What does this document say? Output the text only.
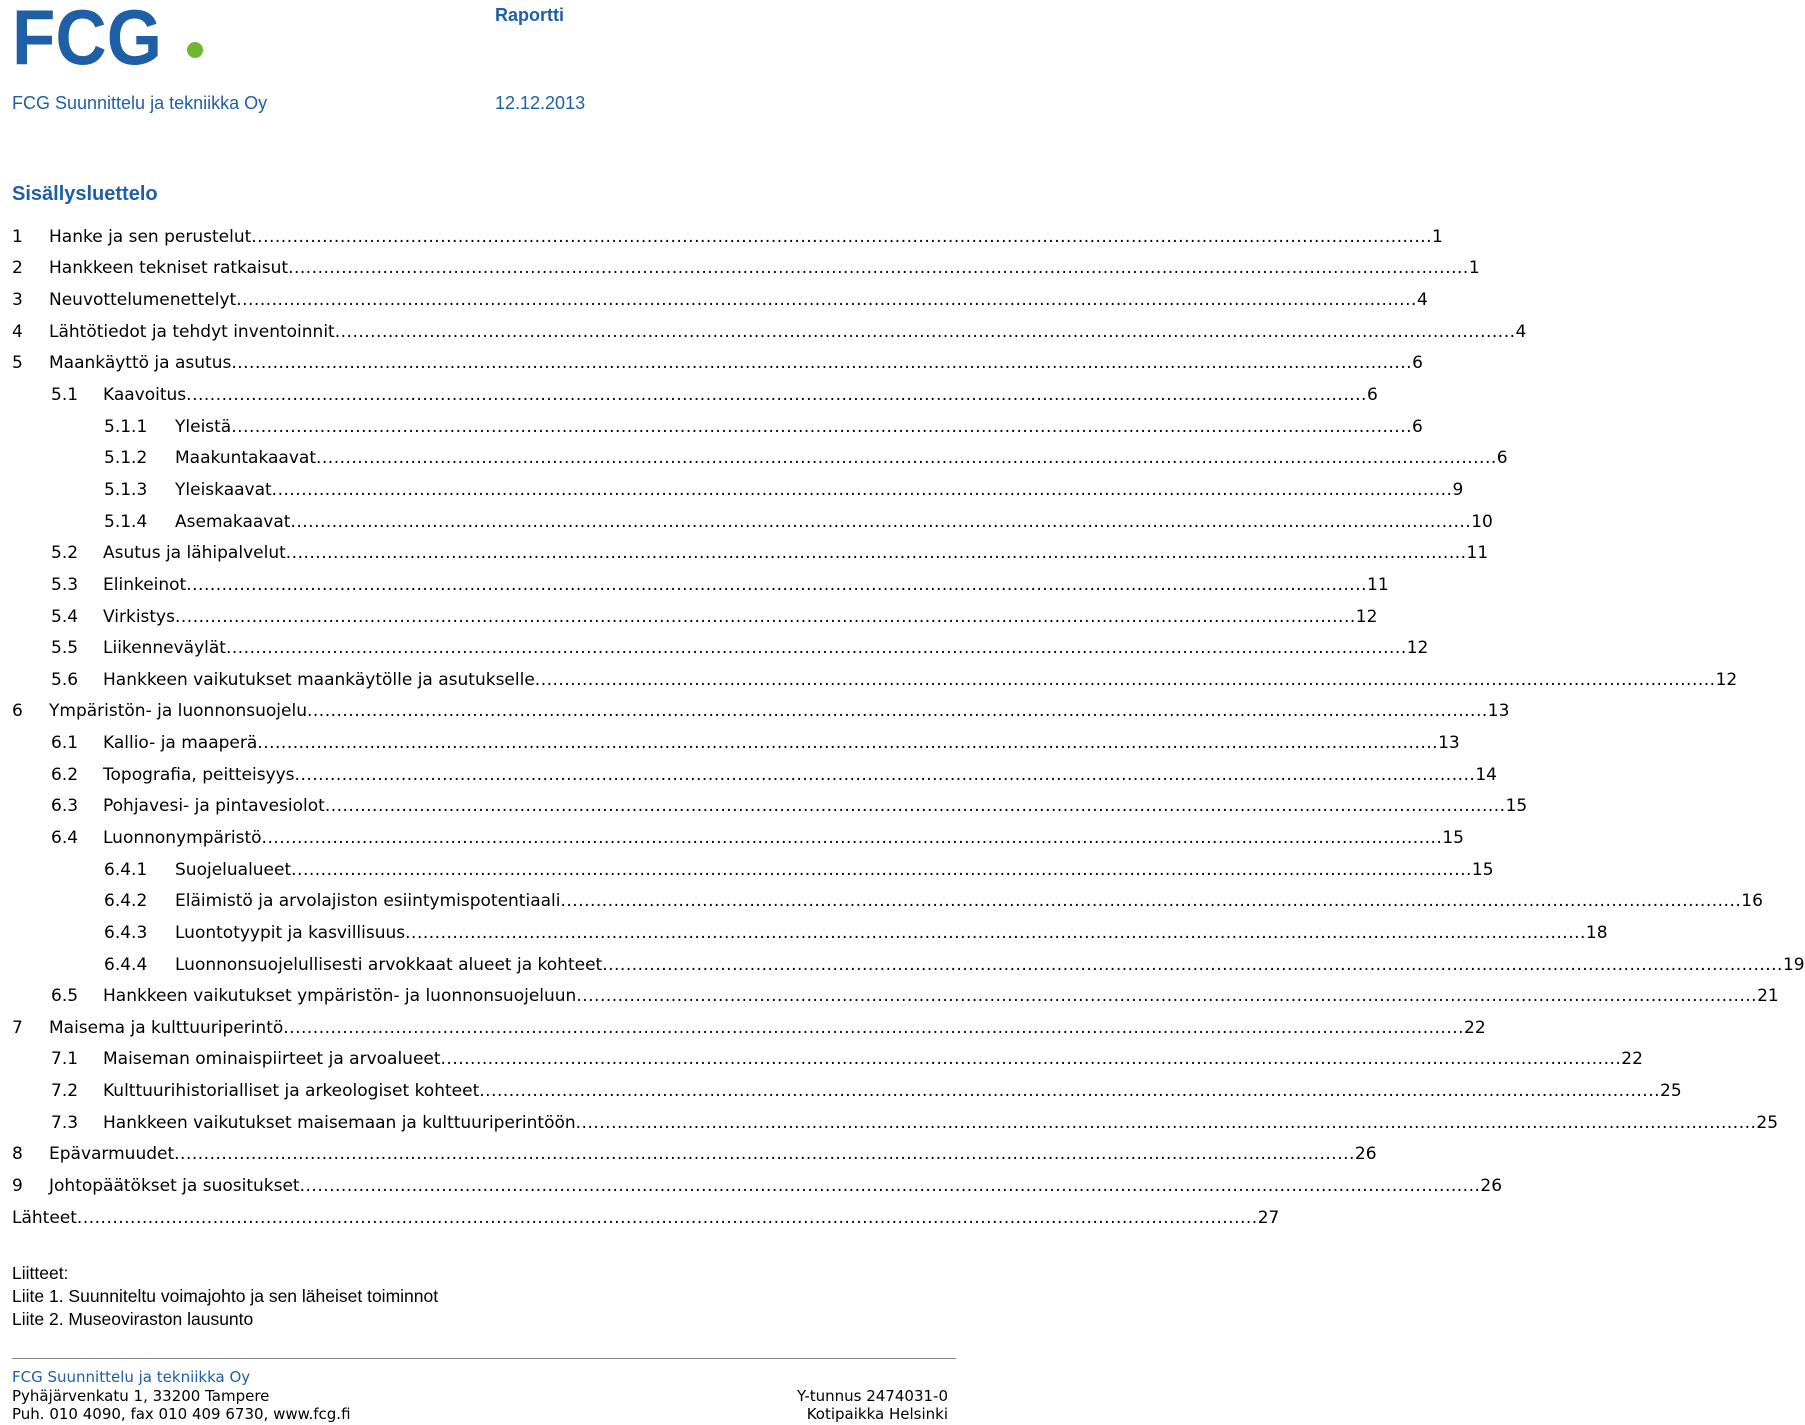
FCG	Raportti
FCG Suunnittelu ja tekniikka Oy	12.12.2013
Sisällysluettelo
1	Hanke ja sen perustelut ........................................................................................................................................................................................................ 1
2	Hankkeen tekniset ratkaisut ........................................................................................................................................................................................................ 1
3	Neuvottelumenettelyt ........................................................................................................................................................................................................ 4
4	Lähtötiedot ja tehdyt inventoinnit ........................................................................................................................................................................................................ 4
5	Maankäyttö ja asutus ........................................................................................................................................................................................................ 6
5.1	Kaavoitus ........................................................................................................................................................................................................ 6
5.1.1	Yleistä ........................................................................................................................................................................................................ 6
5.1.2	Maakuntakaavat ........................................................................................................................................................................................................ 6
5.1.3	Yleiskaavat ........................................................................................................................................................................................................ 9
5.1.4	Asemakaavat ........................................................................................................................................................................................................ 10
5.2	Asutus ja lähipalvelut ........................................................................................................................................................................................................ 11
5.3	Elinkeinot ........................................................................................................................................................................................................ 11
5.4	Virkistys ........................................................................................................................................................................................................ 12
5.5	Liikenneväylät ........................................................................................................................................................................................................ 12
5.6	Hankkeen vaikutukset maankäytölle ja asutukselle ........................................................................................................................................................................................................ 12
6	Ympäristön- ja luonnonsuojelu ........................................................................................................................................................................................................ 13
6.1	Kallio- ja maaperä ........................................................................................................................................................................................................ 13
6.2	Topografia, peitteisyys ........................................................................................................................................................................................................ 14
6.3	Pohjavesi- ja pintavesiolot ........................................................................................................................................................................................................ 15
6.4	Luonnonympäristö ........................................................................................................................................................................................................ 15
6.4.1	Suojelualueet ........................................................................................................................................................................................................ 15
6.4.2	Eläimistö ja arvolajiston esiintymispotentiaali ........................................................................................................................................................................................................ 16
6.4.3	Luontotyypit ja kasvillisuus ........................................................................................................................................................................................................ 18
6.4.4	Luonnonsuojelullisesti arvokkaat alueet ja kohteet ........................................................................................................................................................................................................ 19
6.5	Hankkeen vaikutukset ympäristön- ja luonnonsuojeluun ........................................................................................................................................................................................................ 21
7	Maisema ja kulttuuriperintö ........................................................................................................................................................................................................ 22
7.1	Maiseman ominaispiirteet ja arvoalueet ........................................................................................................................................................................................................ 22
7.2	Kulttuurihistorialliset ja arkeologiset kohteet ........................................................................................................................................................................................................ 25
7.3	Hankkeen vaikutukset maisemaan ja kulttuuriperintöön ........................................................................................................................................................................................................ 25
8	Epävarmuudet ........................................................................................................................................................................................................ 26
9	Johtopäätökset ja suositukset ........................................................................................................................................................................................................ 26
Lähteet ........................................................................................................................................................................................................ 27
Liitteet:
Liite 1. Suunniteltu voimajohto ja sen läheiset toiminnot
Liite 2. Museoviraston lausunto
FCG Suunnittelu ja tekniikka Oy
Pyhäjärvenkatu 1, 33200 Tampere
Puh. 010 4090, fax 010 409 6730, www.fcg.fi
Y-tunnus 2474031-0
Kotipaikka Helsinki
